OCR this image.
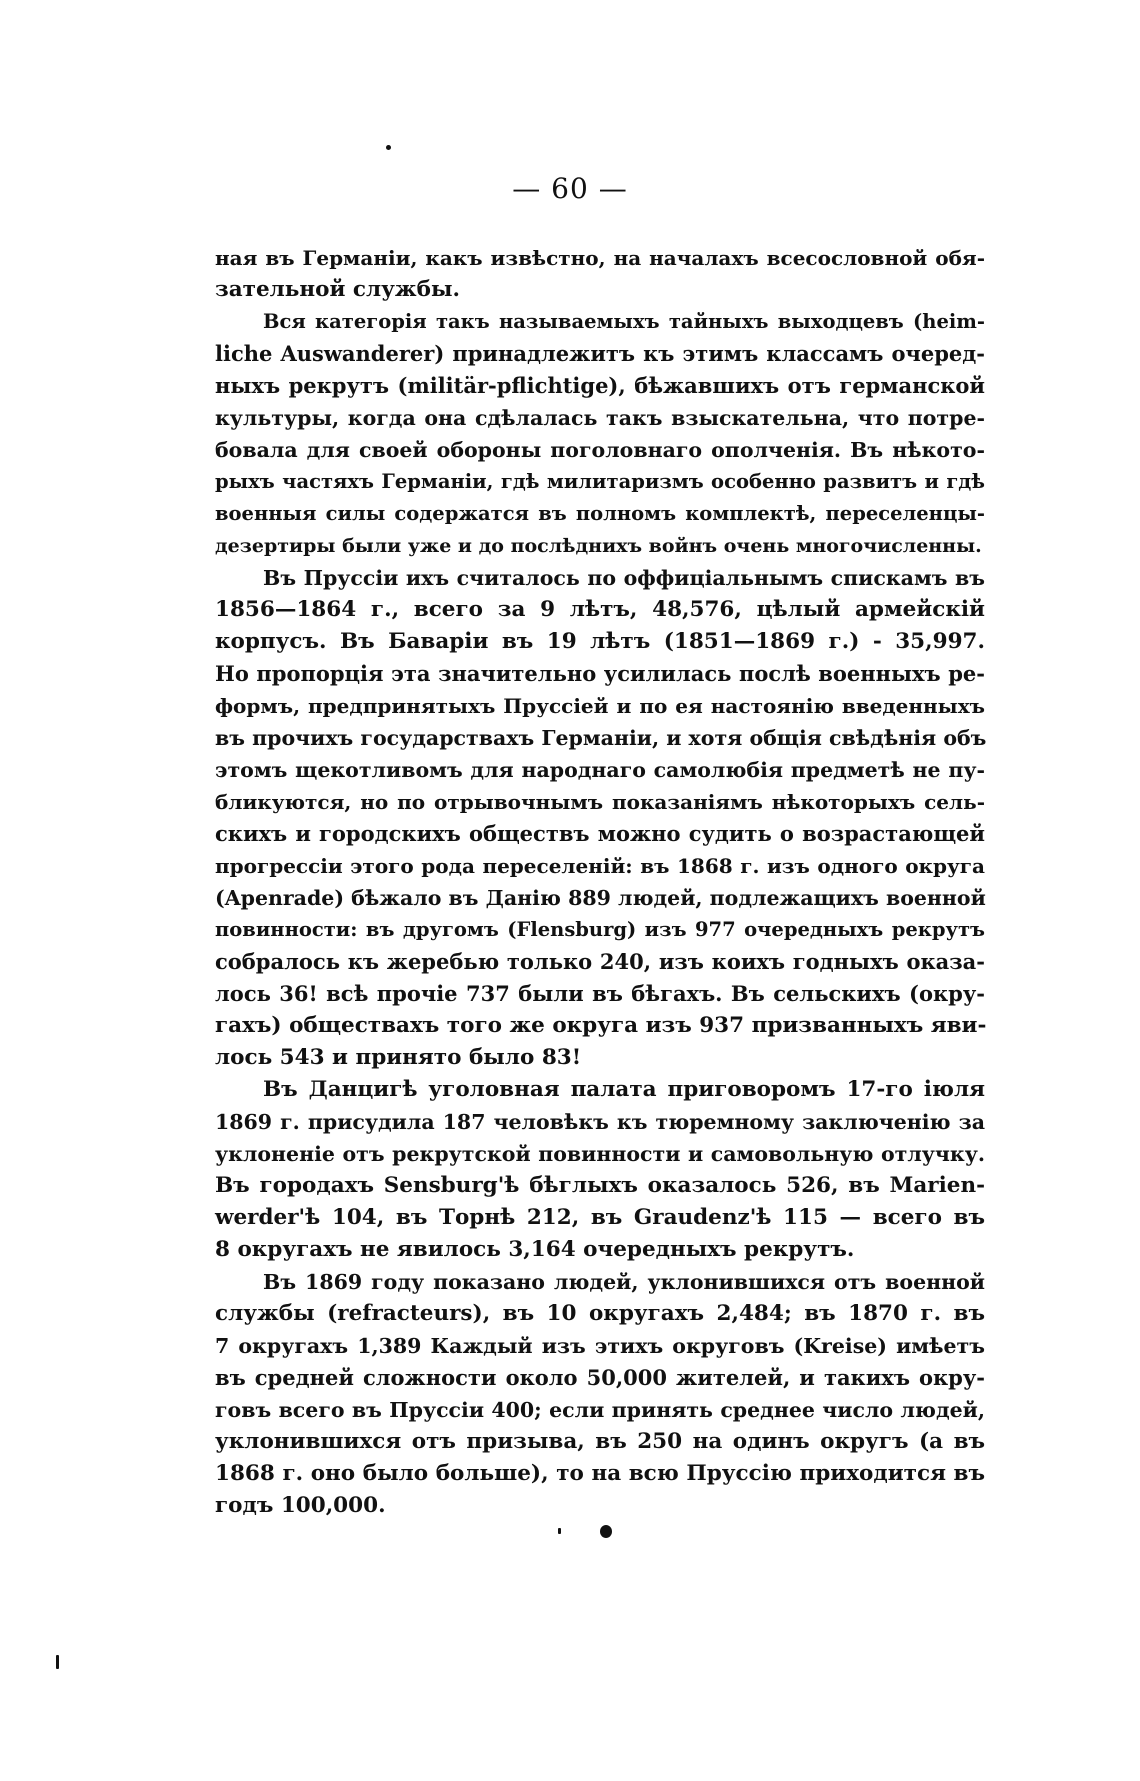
— 60 —
ная въ Германіи, какъ извѣстно, на началахъ всесословной обя-
зательной службы.
Вся категорія такъ называемыхъ тайныхъ выходцевъ (heim-
liche Auswanderer) принадлежитъ къ этимъ классамъ очеред-
ныхъ рекрутъ (militär-pflichtige), бѣжавшихъ отъ германской
культуры, когда она сдѣлалась такъ взыскательна, что потре-
бовала для своей обороны поголовнаго ополченія. Въ нѣкото-
рыхъ частяхъ Германіи, гдѣ милитаризмъ особенно развитъ и гдѣ
военныя силы содержатся въ полномъ комплектѣ, переселенцы-
дезертиры были уже и до послѣднихъ войнъ очень многочисленны.
Въ Пруссіи ихъ считалось по оффиціальнымъ спискамъ въ
1856—1864 г., всего за 9 лѣтъ, 48,576, цѣлый армейскій
корпусъ. Въ Баваріи въ 19 лѣтъ (1851—1869 г.) - 35,997.
Но пропорція эта значительно усилилась послѣ военныхъ ре-
формъ, предпринятыхъ Пруссіей и по ея настоянію введенныхъ
въ прочихъ государствахъ Германіи, и хотя общія свѣдѣнія объ
этомъ щекотливомъ для народнаго самолюбія предметѣ не пу-
бликуются, но по отрывочнымъ показаніямъ нѣкоторыхъ сель-
скихъ и городскихъ обществъ можно судить о возрастающей
прогрессіи этого рода переселеній: въ 1868 г. изъ одного округа
(Apenrade) бѣжало въ Данію 889 людей, подлежащихъ военной
повинности: въ другомъ (Flensburg) изъ 977 очередныхъ рекрутъ
собралось къ жеребью только 240, изъ коихъ годныхъ оказа-
лось 36! всѣ прочіе 737 были въ бѣгахъ. Въ сельскихъ (окру-
гахъ) обществахъ того же округа изъ 937 призванныхъ яви-
лось 543 и принято было 83!
Въ Данцигѣ уголовная палата приговоромъ 17-го іюля
1869 г. присудила 187 человѣкъ къ тюремному заключенію за
уклоненіе отъ рекрутской повинности и самовольную отлучку.
Въ городахъ Sensburg'ѣ бѣглыхъ оказалось 526, въ Marien-
werder'ѣ 104, въ Торнѣ 212, въ Graudenz'ѣ 115 — всего въ
8 округахъ не явилось 3,164 очередныхъ рекрутъ.
Въ 1869 году показано людей, уклонившихся отъ военной
службы (refracteurs), въ 10 округахъ 2,484; въ 1870 г. въ
7 округахъ 1,389 Каждый изъ этихъ округовъ (Kreise) имѣетъ
въ средней сложности около 50,000 жителей, и такихъ окру-
говъ всего въ Пруссіи 400; если принять среднее число людей,
уклонившихся отъ призыва, въ 250 на одинъ округъ (а въ
1868 г. оно было больше), то на всю Пруссію приходится въ
годъ 100,000.
